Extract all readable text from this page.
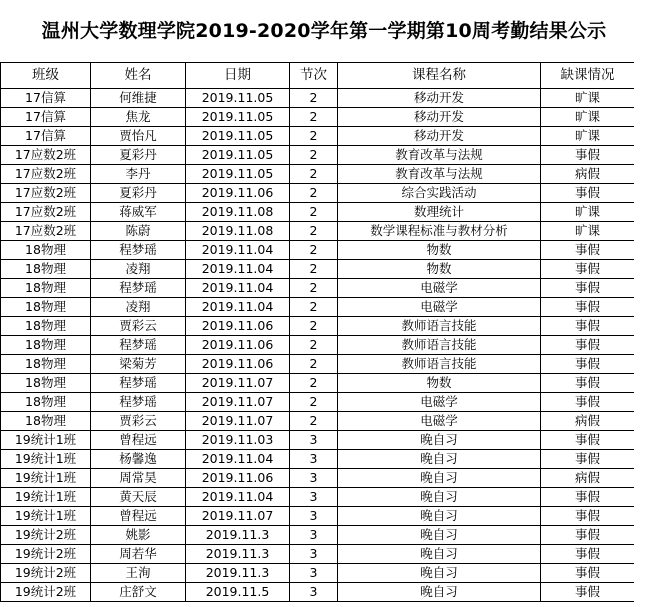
温州大学数理学院2019-2020学年第一学期第10周考勤结果公示
班级	姓名	日期	节次	课程名称	缺课情况
17信算	何维捷	2019.11.05	2	移动开发	旷课
17信算	焦龙	2019.11.05	2	移动开发	旷课
17信算	贾怡凡	2019.11.05	2	移动开发	旷课
17应数2班	夏彩丹	2019.11.05	2	教育改革与法规	事假
17应数2班	李丹	2019.11.05	2	教育改革与法规	病假
17应数2班	夏彩丹	2019.11.06	2	综合实践活动	事假
17应数2班	蒋威军	2019.11.08	2	数理统计	旷课
17应数2班	陈蔚	2019.11.08	2	数学课程标准与教材分析	旷课
18物理	程梦瑶	2019.11.04	2	物数	事假
18物理	凌翔	2019.11.04	2	物数	事假
18物理	程梦瑶	2019.11.04	2	电磁学	事假
18物理	凌翔	2019.11.04	2	电磁学	事假
18物理	贾彩云	2019.11.06	2	教师语言技能	事假
18物理	程梦瑶	2019.11.06	2	教师语言技能	事假
18物理	梁菊芳	2019.11.06	2	教师语言技能	事假
18物理	程梦瑶	2019.11.07	2	物数	事假
18物理	程梦瑶	2019.11.07	2	电磁学	事假
18物理	贾彩云	2019.11.07	2	电磁学	病假
19统计1班	曾程远	2019.11.03	3	晚自习	事假
19统计1班	杨馨逸	2019.11.04	3	晚自习	事假
19统计1班	周常昊	2019.11.06	3	晚自习	病假
19统计1班	黄天辰	2019.11.04	3	晚自习	事假
19统计1班	曾程远	2019.11.07	3	晚自习	事假
19统计2班	姚影	2019.11.3	3	晚自习	事假
19统计2班	周若华	2019.11.3	3	晚自习	事假
19统计2班	王洵	2019.11.3	3	晚自习	事假
19统计2班	庄舒文	2019.11.5	3	晚自习	事假
